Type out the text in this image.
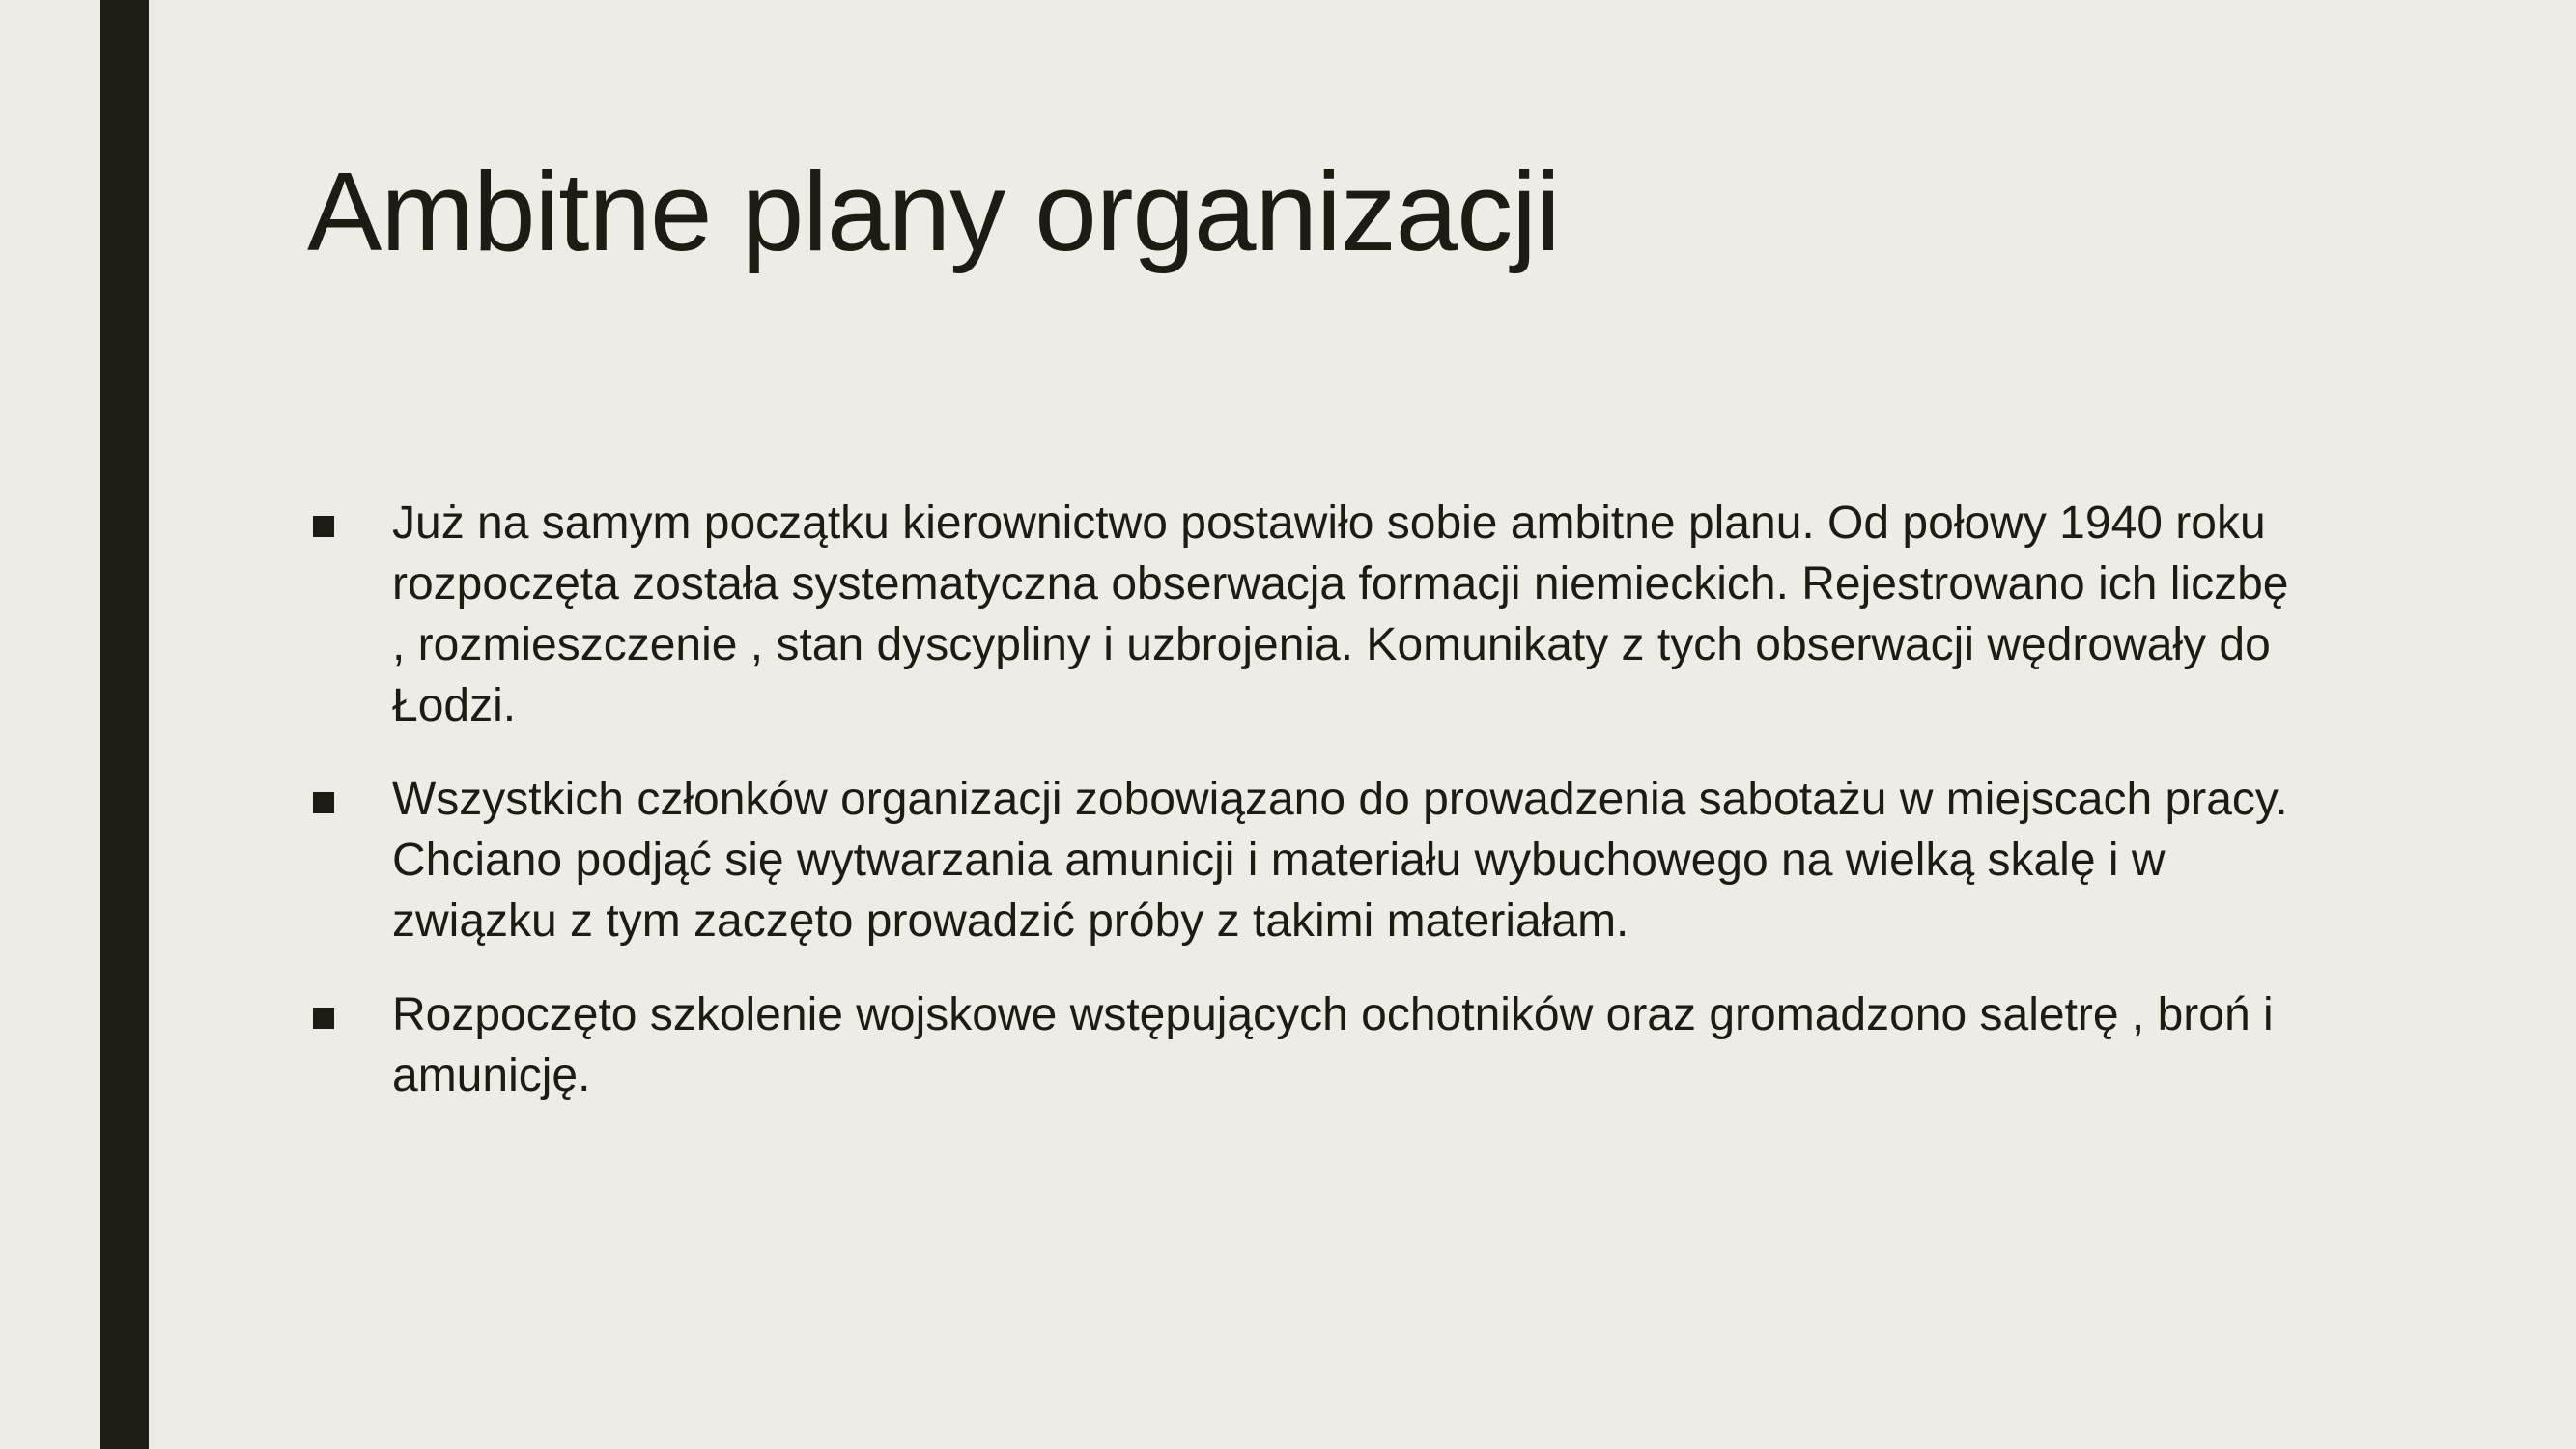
Ambitne plany organizacji
Już na samym początku kierownictwo postawiło sobie ambitne planu. Od połowy 1940 roku rozpoczęta została systematyczna obserwacja formacji niemieckich. Rejestrowano ich liczbę , rozmieszczenie , stan dyscypliny i uzbrojenia. Komunikaty z tych obserwacji wędrowały do Łodzi.
Wszystkich członków organizacji zobowiązano do prowadzenia sabotażu w miejscach pracy. Chciano podjąć się wytwarzania amunicji i materiału wybuchowego na wielką skalę i w związku z tym zaczęto prowadzić próby z takimi materiałam.
Rozpoczęto szkolenie wojskowe wstępujących ochotników oraz gromadzono saletrę , broń i amunicję.
